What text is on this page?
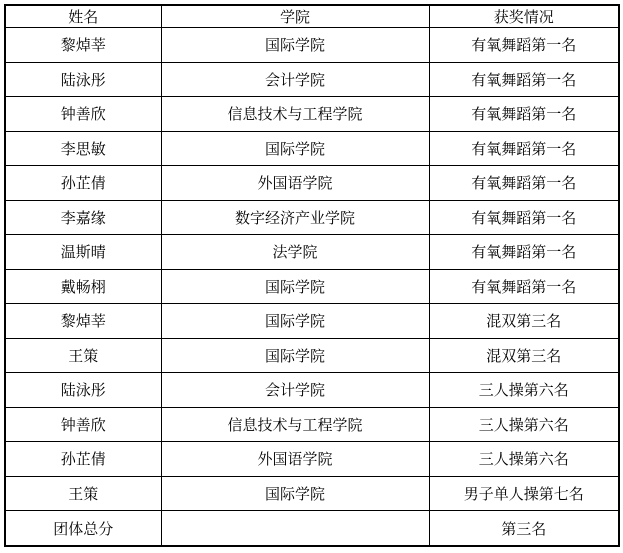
姓名	学院	获奖情况
黎焯莘	国际学院	有氧舞蹈第一名
陆泳彤	会计学院	有氧舞蹈第一名
钟善欣	信息技术与工程学院	有氧舞蹈第一名
李思敏	国际学院	有氧舞蹈第一名
孙芷倩	外国语学院	有氧舞蹈第一名
李嘉缘	数字经济产业学院	有氧舞蹈第一名
温斯晴	法学院	有氧舞蹈第一名
戴畅栩	国际学院	有氧舞蹈第一名
黎焯莘	国际学院	混双第三名
王策	国际学院	混双第三名
陆泳彤	会计学院	三人操第六名
钟善欣	信息技术与工程学院	三人操第六名
孙芷倩	外国语学院	三人操第六名
王策	国际学院	男子单人操第七名
团体总分		第三名
